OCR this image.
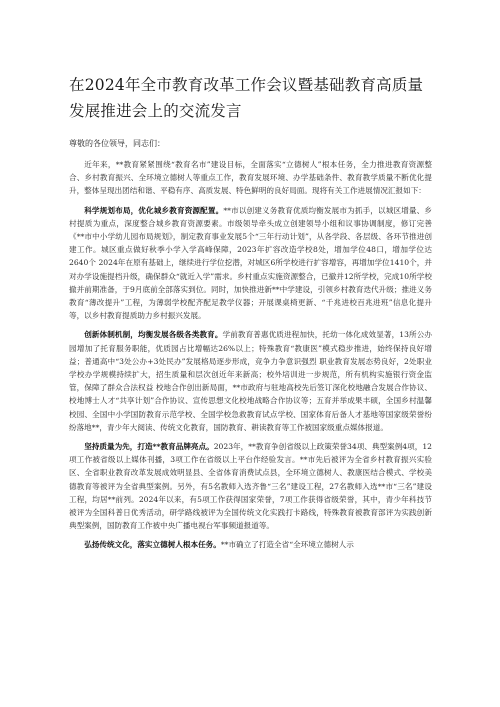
在2024年全市教育改革工作会议暨基础教育高质量发展推进会上的交流发言

尊敬的各位领导，同志们：

近年来，**教育紧紧围绕“教育名市”建设目标，全面落实“立德树人”根本任务，全力推进教育资源整合、乡村教育振兴、全环境立德树人等重点工作，教育发展环境、办学基础条件、教育教学质量不断优化提升，整体呈现出团结和谐、平稳有序、高质发展、特色鲜明的良好局面。现将有关工作进展情况汇报如下：

科学规划布局，优化城乡教育资源配置。**市以创建义务教育优质均衡发展市为抓手，以城区增量、乡村提质为重点，深度整合城乡教育资源要素。市级领导牵头成立创建领导小组和议事协调制度，修订完善《**市中小学幼儿园布局规划》，制定教育事业发展5个“三年行动计划”，从各学段、各层级、各环节推进创建工作。城区重点做好秋季小学入学高峰保障，2023年扩容改造学校8处，增加学位48口，增加学位达2640个 2024年在原有基础上，继续进行学位挖潜，对城区6所学校进行扩容增容，再增加学位1410个，并对办学设施提档升级，确保群众“就近入学”需求。乡村重点实施资源整合，已撤并12所学校，完成10所学校撤并前期准备，于9月底前全部落实到位。同时，加快推进新**中学建设，引领乡村教育迭代升级；推进义务教育“薄改提升”工程，为薄弱学校配齐配足教学仪器；开展课桌椅更新、“千兆进校百兆进班”信息化提升等，以乡村教育提质助力乡村振兴发展。

创新体制机制，均衡发展各级各类教育。学前教育普惠优质进程加快，托幼一体化成效显著，13所公办园增加了托育服务职能，优质园占比增幅达26%以上；特殊教育“教康医”模式稳步推进，始终保持良好增益；普通高中“3处公办+3处民办”发展格局逐步形成，竞争力争意识强烈 职业教育发展态势良好，2处职业学校办学规模持续扩大，招生质量和层次创近年来新高；校外培训进一步规范，所有机构实施银行资金监管，保障了群众合法权益 校地合作创出新局面，**市政府与驻地高校先后签订深化校地融合发展合作协议、校地博士人才“共享计划”合作协议、宣传思想文化校地战略合作协议等；五育并举成果丰硕，全国乡村温馨校园、全国中小学国防教育示范学校、全国学校急救教育试点学校、国家体育后备人才基地等国家级荣誉纷纷落地**，青少年大阅读、传统文化教育，国防教育、耕读教育等工作被国家级重点媒体报道。

坚持质量为先，打造**教育品牌亮点。2023年，**教育争创省级以上政策荣誉34项、典型案例4项，12项工作被省级以上媒体刊播，3项工作在省级以上平台作经验发言。**市先后被评为全省乡村教育振兴实验区、全省职业教育改革发展成效明显县、全省体育消费试点县，全环境立德树人、教康医结合模式、学校美德教育等被评为全省典型案例。另外，有5名教师入选齐鲁“三名”建设工程，27名教师入选**市“三名”建设工程，均居**前列。2024年以来，有5项工作获得国家荣誉，7项工作获得省级荣誉，其中，青少年科技节被评为全国科普日优秀活动，研学路线被评为全国传统文化实践打卡路线，特殊教育被教育部评为实践创新典型案例，国防教育工作被中央广播电视台军事频道报道等。

弘扬传统文化，落实立德树人根本任务。**市确立了打造全省“全环境立德树人示
